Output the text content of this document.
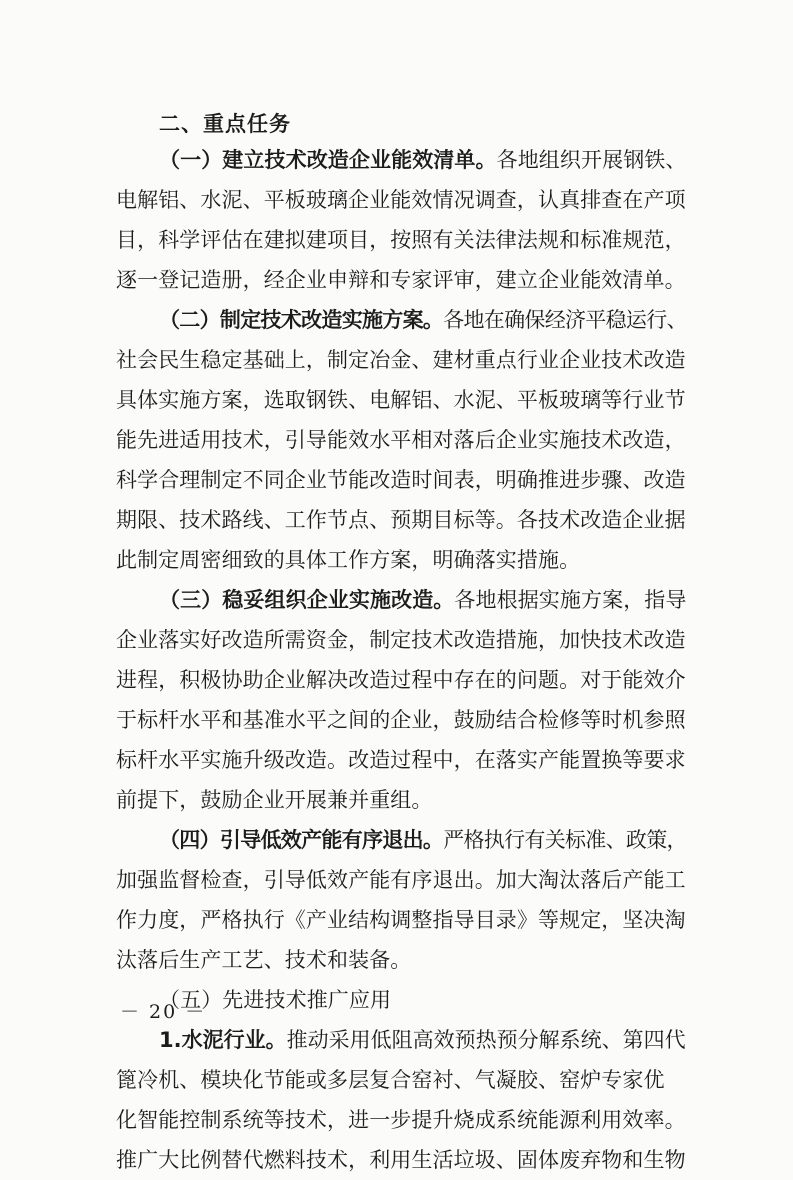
二、重点任务
（一）建立技术改造企业能效清单。各地组织开展钢铁、
电解铝、水泥、平板玻璃企业能效情况调查，认真排查在产项
目，科学评估在建拟建项目，按照有关法律法规和标准规范，
逐一登记造册，经企业申辩和专家评审，建立企业能效清单。
（二）制定技术改造实施方案。各地在确保经济平稳运行、
社会民生稳定基础上，制定冶金、建材重点行业企业技术改造
具体实施方案，选取钢铁、电解铝、水泥、平板玻璃等行业节
能先进适用技术，引导能效水平相对落后企业实施技术改造，
科学合理制定不同企业节能改造时间表，明确推进步骤、改造
期限、技术路线、工作节点、预期目标等。各技术改造企业据
此制定周密细致的具体工作方案，明确落实措施。
（三）稳妥组织企业实施改造。各地根据实施方案，指导
企业落实好改造所需资金，制定技术改造措施，加快技术改造
进程，积极协助企业解决改造过程中存在的问题。对于能效介
于标杆水平和基准水平之间的企业，鼓励结合检修等时机参照
标杆水平实施升级改造。改造过程中，在落实产能置换等要求
前提下，鼓励企业开展兼并重组。
（四）引导低效产能有序退出。严格执行有关标准、政策，
加强监督检查，引导低效产能有序退出。加大淘汰落后产能工
作力度，严格执行《产业结构调整指导目录》等规定，坚决淘
汰落后生产工艺、技术和装备。
（五）先进技术推广应用
1.水泥行业。推动采用低阻高效预热预分解系统、第四代
篦冷机、模块化节能或多层复合窑衬、气凝胶、窑炉专家优
化智能控制系统等技术，进一步提升烧成系统能源利用效率。
推广大比例替代燃料技术，利用生活垃圾、固体废弃物和生物
－ 20 －
